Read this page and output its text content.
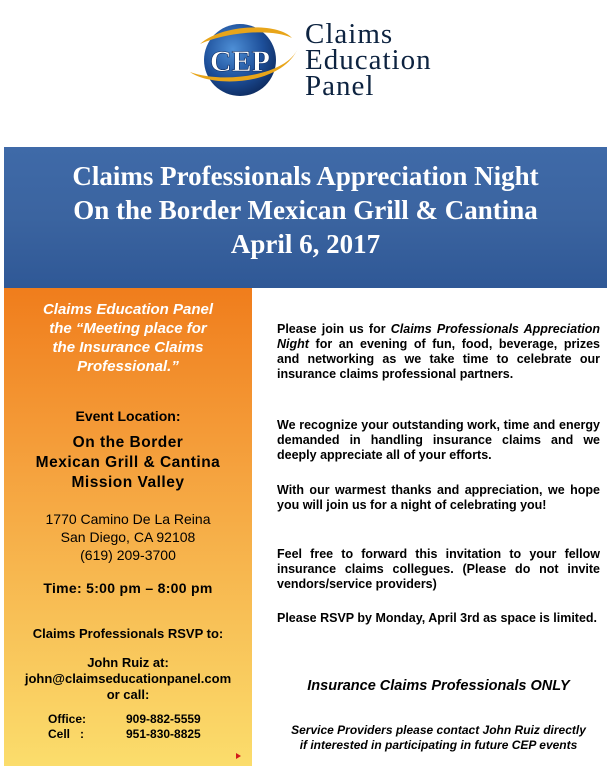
CEP
Claims
Education
Panel
Claims Professionals Appreciation Night
On the Border Mexican Grill & Cantina
April 6, 2017
Claims Education Panel
the “Meeting place for
the Insurance Claims
Professional.”
Event Location:
On the Border
Mexican Grill & Cantina
Mission Valley
1770 Camino De La Reina
San Diego, CA 92108
(619) 209-3700
Time: 5:00 pm – 8:00 pm
Claims Professionals RSVP to:
John Ruiz at:
john@claimseducationpanel.com
or call:
Office:	909-882-5559
Cell   :	951-830-8825

Please join us for Claims Professionals Appreciation Night for an evening of fun, food, beverage, prizes and networking as we take time to celebrate our insurance claims professional partners.

We recognize your outstanding work, time and energy demanded in handling insurance claims and we deeply appreciate all of your efforts.

With our warmest thanks and appreciation, we hope you will join us for a night of celebrating you!

Feel free to forward this invitation to your fellow insurance claims collegues. (Please do not invite vendors/service providers)

Please RSVP by Monday, April 3rd as space is limited.

Insurance Claims Professionals ONLY
Service Providers please contact John Ruiz directly
if interested in participating in future CEP events
